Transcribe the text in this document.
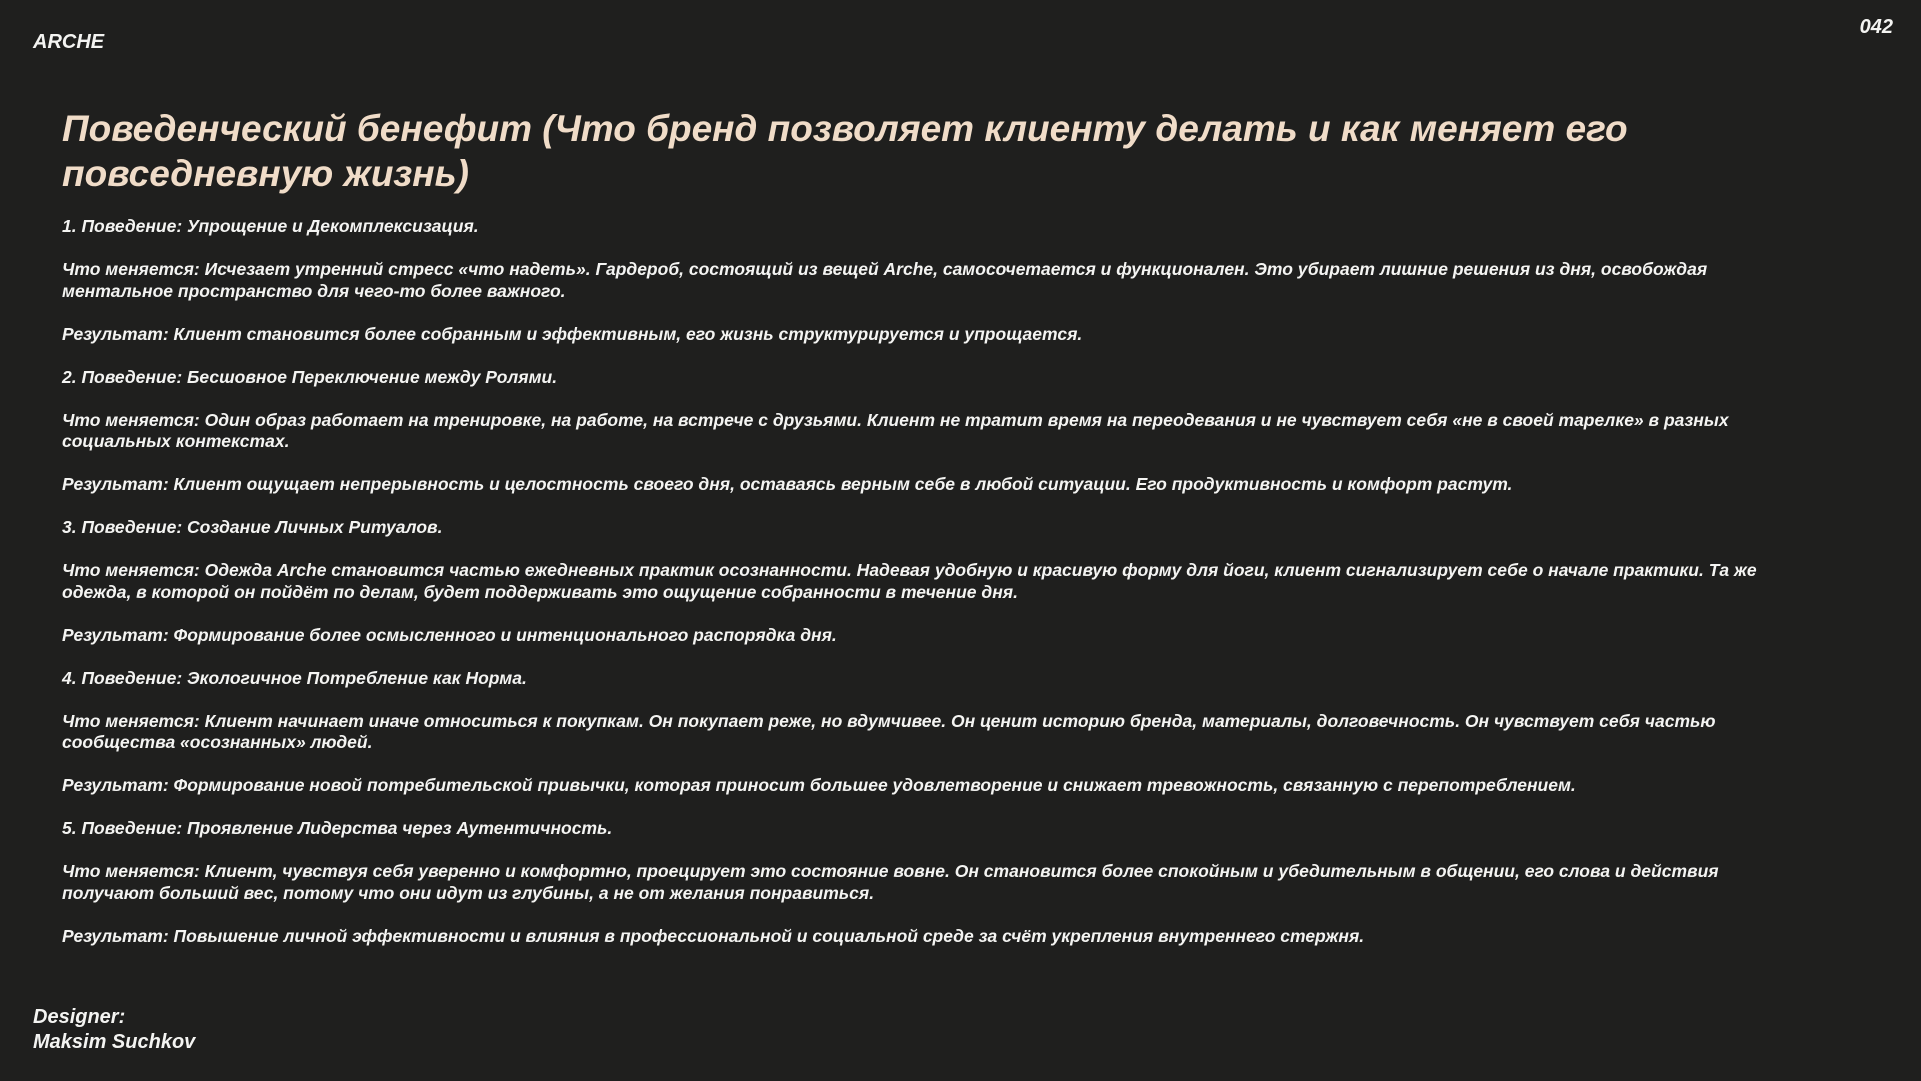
ARCHE
042
Поведенческий бенефит (Что бренд позволяет клиенту делать и как меняет его
повседневную жизнь)
1. Поведение: Упрощение и Декомплексизация.
Что меняется: Исчезает утренний стресс «что надеть». Гардероб, состоящий из вещей Arche, самосочетается и функционален. Это убирает лишние решения из дня, освобождая
ментальное пространство для чего-то более важного.
Результат: Клиент становится более собранным и эффективным, его жизнь структурируется и упрощается.
2. Поведение: Бесшовное Переключение между Ролями.
Что меняется: Один образ работает на тренировке, на работе, на встрече с друзьями. Клиент не тратит время на переодевания и не чувствует себя «не в своей тарелке» в разных
социальных контекстах.
Результат: Клиент ощущает непрерывность и целостность своего дня, оставаясь верным себе в любой ситуации. Его продуктивность и комфорт растут.
3. Поведение: Создание Личных Ритуалов.
Что меняется: Одежда Arche становится частью ежедневных практик осознанности. Надевая удобную и красивую форму для йоги, клиент сигнализирует себе о начале практики. Та же
одежда, в которой он пойдёт по делам, будет поддерживать это ощущение собранности в течение дня.
Результат: Формирование более осмысленного и интенционального распорядка дня.
4. Поведение: Экологичное Потребление как Норма.
Что меняется: Клиент начинает иначе относиться к покупкам. Он покупает реже, но вдумчивее. Он ценит историю бренда, материалы, долговечность. Он чувствует себя частью
сообщества «осознанных» людей.
Результат: Формирование новой потребительской привычки, которая приносит большее удовлетворение и снижает тревожность, связанную с перепотреблением.
5. Поведение: Проявление Лидерства через Аутентичность.
Что меняется: Клиент, чувствуя себя уверенно и комфортно, проецирует это состояние вовне. Он становится более спокойным и убедительным в общении, его слова и действия
получают больший вес, потому что они идут из глубины, а не от желания понравиться.
Результат: Повышение личной эффективности и влияния в профессиональной и социальной среде за счёт укрепления внутреннего стержня.
Designer:
Maksim Suchkov
